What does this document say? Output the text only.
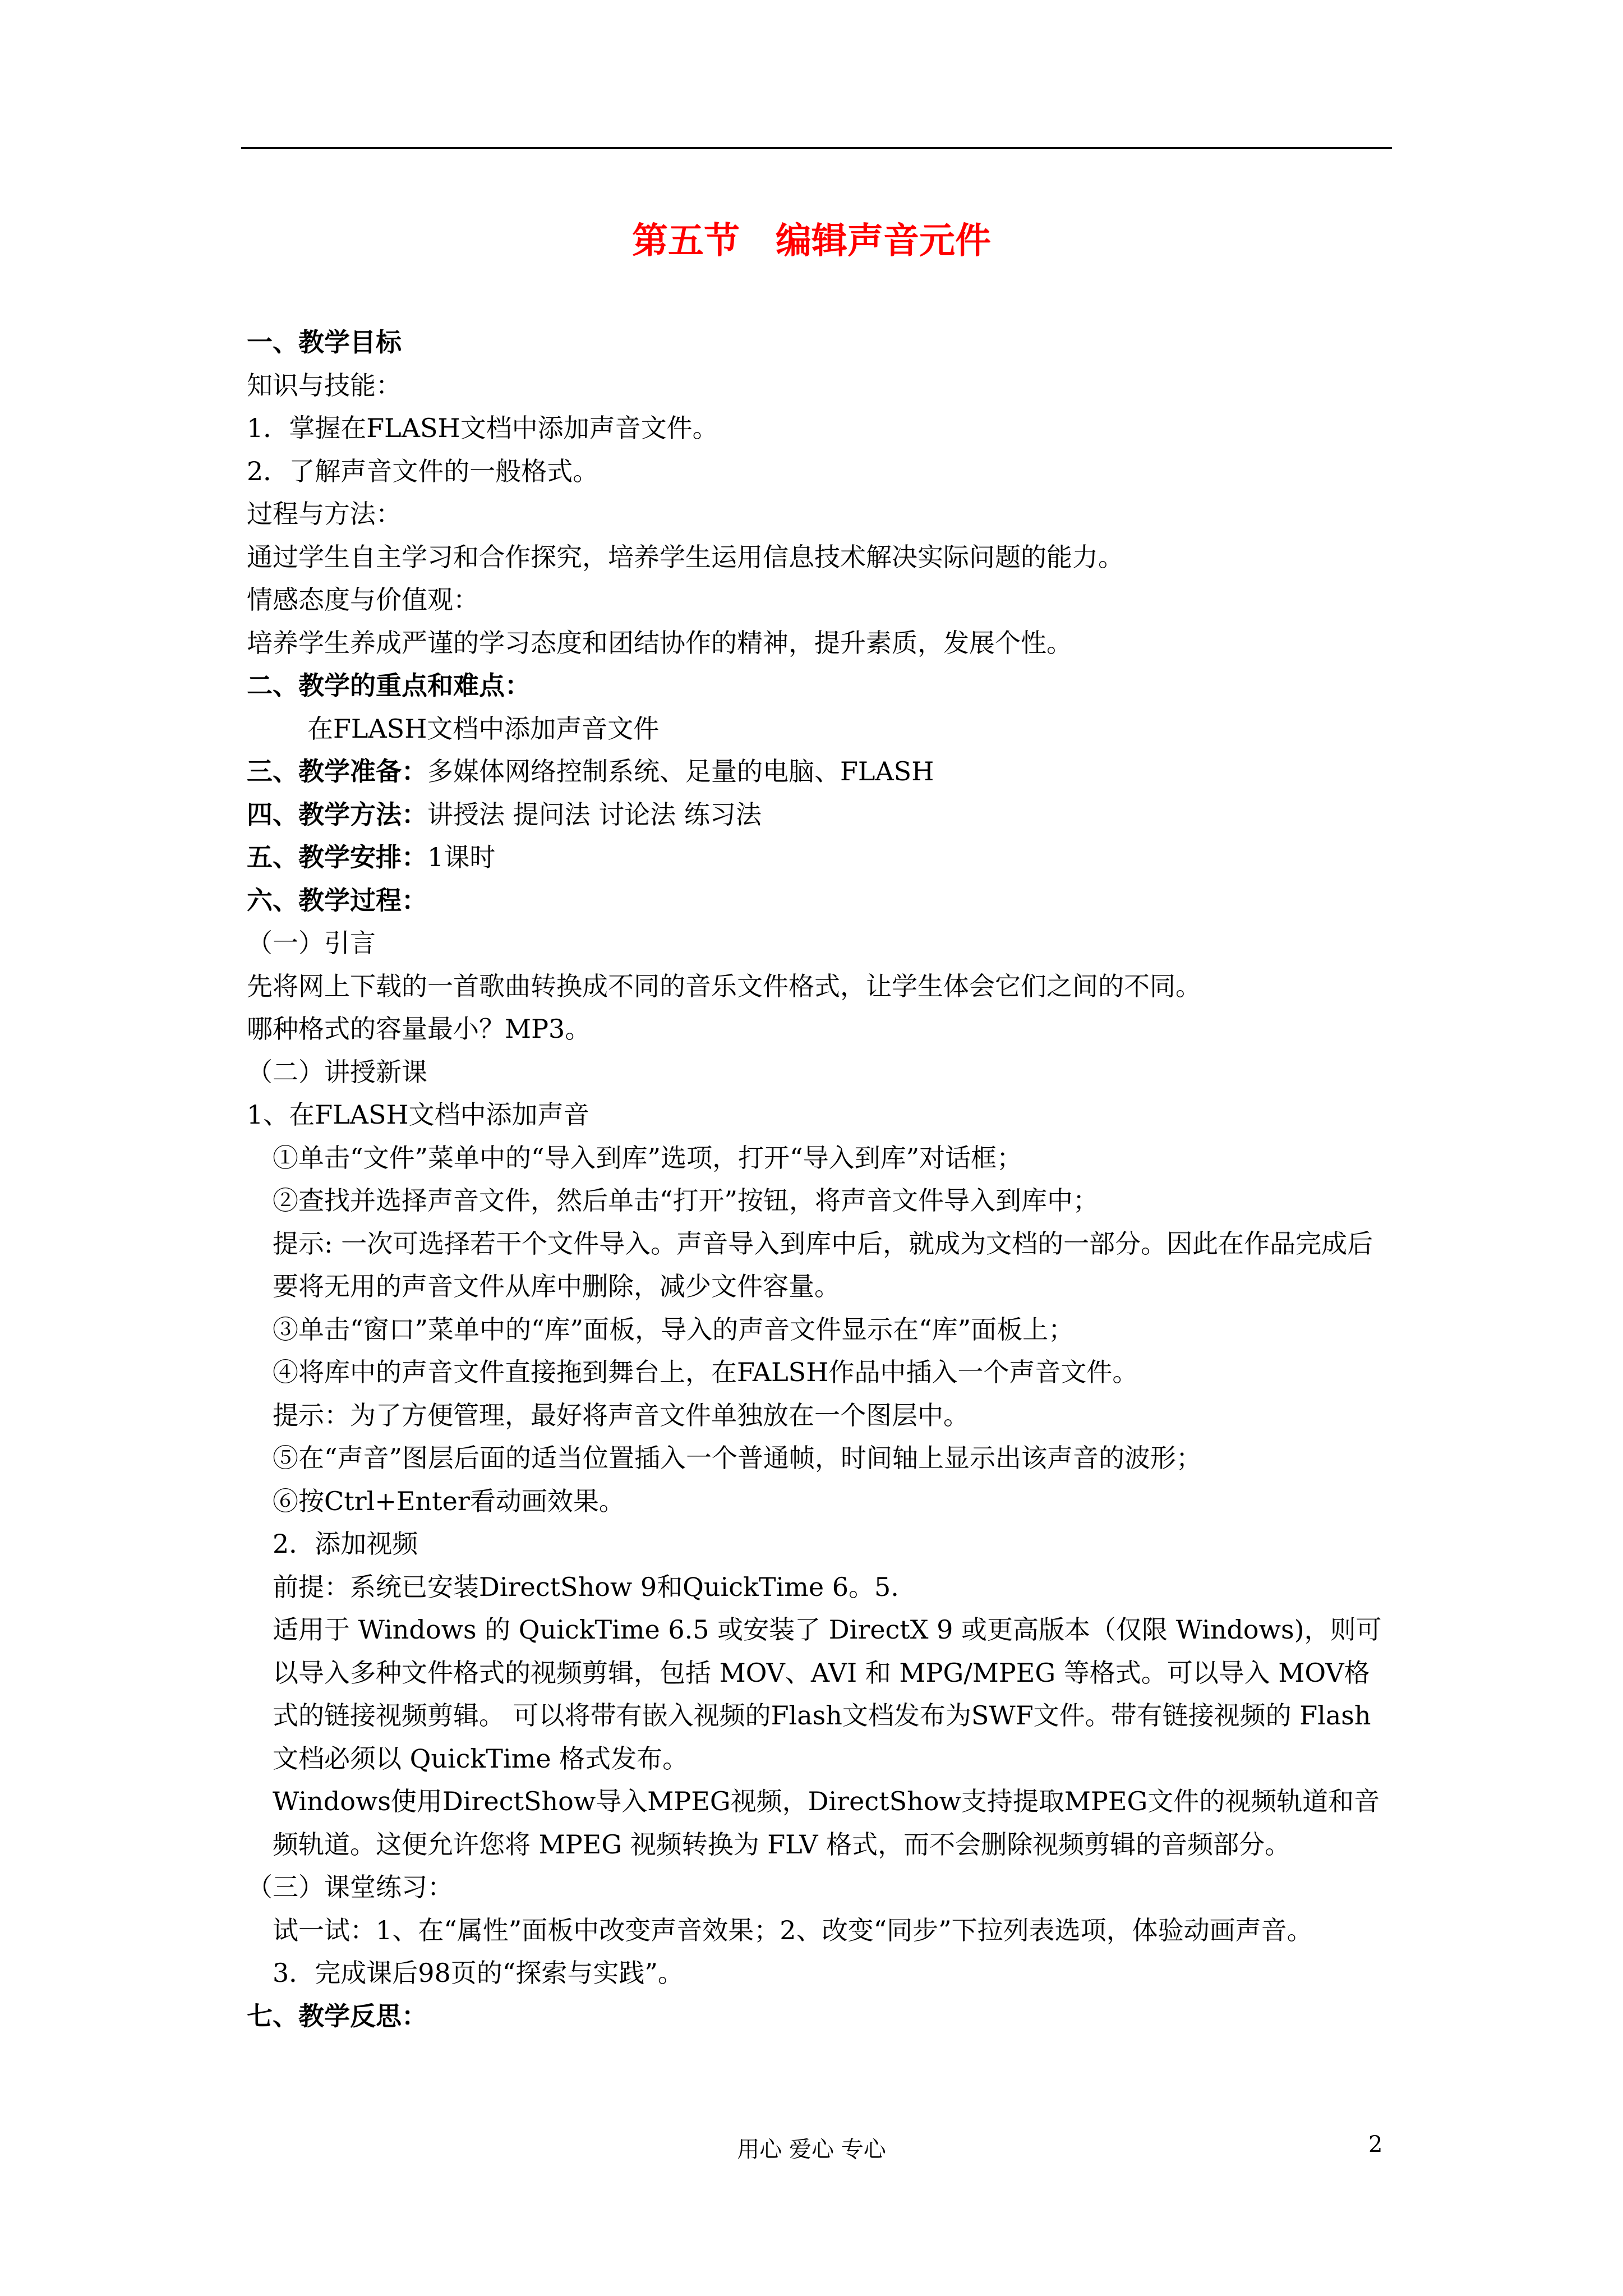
第五节　编辑声音元件

一、教学目标

知识与技能：

1．掌握在FLASH文档中添加声音文件。

2．了解声音文件的一般格式。

过程与方法：

通过学生自主学习和合作探究，培养学生运用信息技术解决实际问题的能力。

情感态度与价值观：

培养学生养成严谨的学习态度和团结协作的精神，提升素质，发展个性。

二、教学的重点和难点：

在FLASH文档中添加声音文件

三、教学准备：多媒体网络控制系统、足量的电脑、FLASH

四、教学方法：讲授法 提问法 讨论法 练习法

五、教学安排：1课时

六、教学过程：

（一）引言

先将网上下载的一首歌曲转换成不同的音乐文件格式，让学生体会它们之间的不同。

哪种格式的容量最小？MP3。

（二）讲授新课

1、在FLASH文档中添加声音

①单击“文件”菜单中的“导入到库”选项，打开“导入到库”对话框；

②查找并选择声音文件，然后单击“打开”按钮，将声音文件导入到库中；

提示: 一次可选择若干个文件导入。声音导入到库中后，就成为文档的一部分。因此在作品完成后要将无用的声音文件从库中删除，减少文件容量。

③单击“窗口”菜单中的“库”面板，导入的声音文件显示在“库”面板上；

④将库中的声音文件直接拖到舞台上，在FALSH作品中插入一个声音文件。

提示：为了方便管理，最好将声音文件单独放在一个图层中。

⑤在“声音”图层后面的适当位置插入一个普通帧，时间轴上显示出该声音的波形；

⑥按Ctrl+Enter看动画效果。

2．添加视频

前提：系统已安装DirectShow 9和QuickTime 6。5.

适用于 Windows 的 QuickTime 6.5 或安装了 DirectX 9 或更高版本（仅限 Windows)，则可以导入多种文件格式的视频剪辑，包括 MOV、AVI 和 MPG/MPEG 等格式。可以导入 MOV格式的链接视频剪辑。 可以将带有嵌入视频的Flash文档发布为SWF文件。带有链接视频的 Flash 文档必须以 QuickTime 格式发布。

Windows使用DirectShow导入MPEG视频，DirectShow支持提取MPEG文件的视频轨道和音频轨道。这便允许您将 MPEG 视频转换为 FLV 格式，而不会删除视频剪辑的音频部分。

（三）课堂练习：

试一试：1、在“属性”面板中改变声音效果；2、改变“同步”下拉列表选项，体验动画声音。

3．完成课后98页的“探索与实践”。

七、教学反思：

用心 爱心 专心	2
